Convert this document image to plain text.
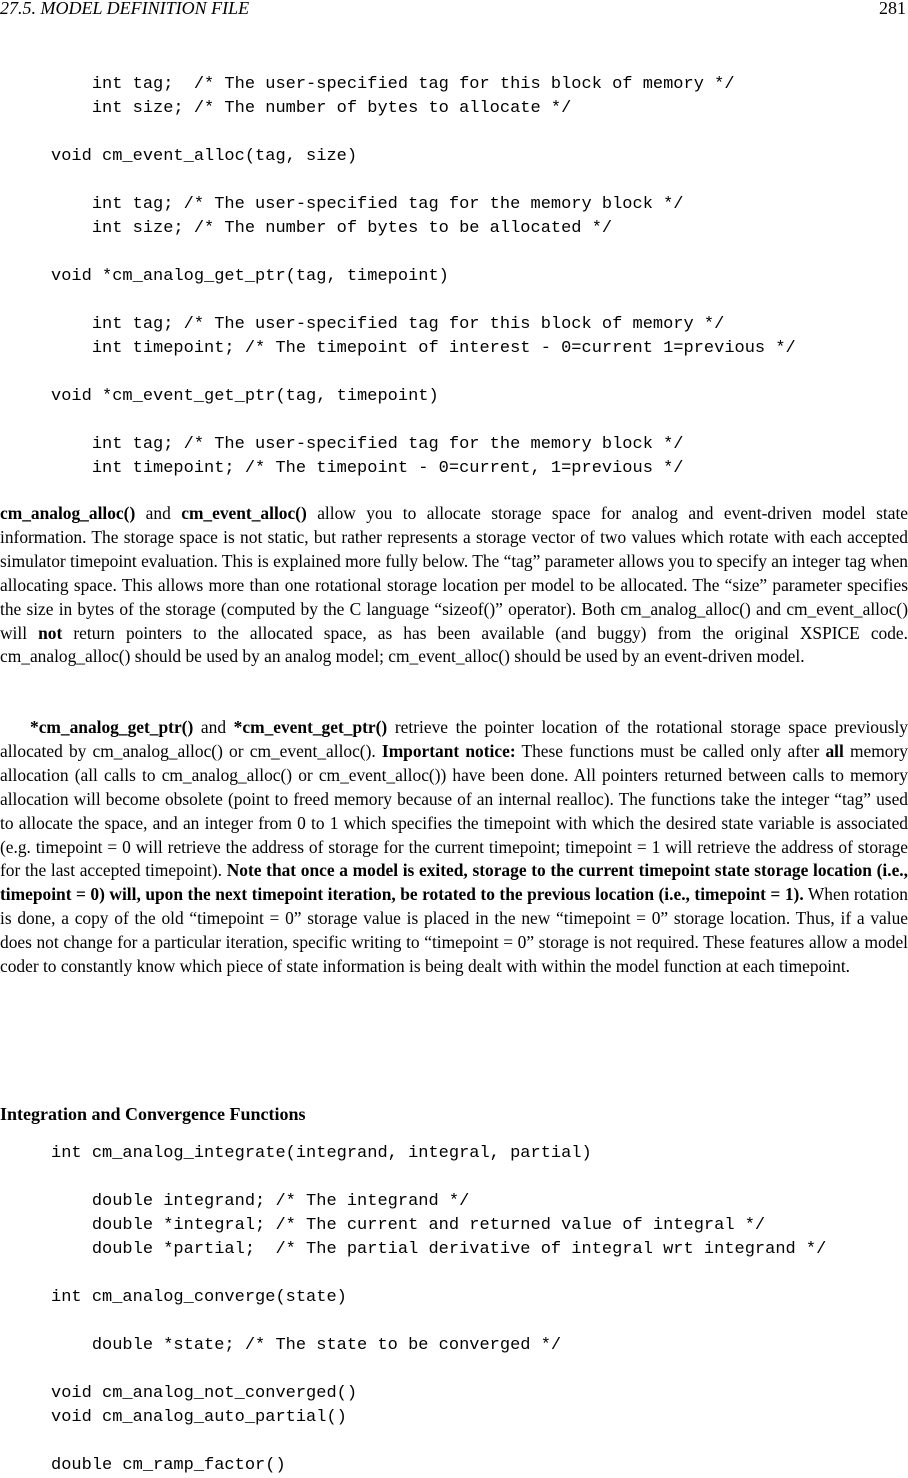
27.5. MODEL DEFINITION FILE	281
int tag;  /* The user-specified tag for this block of memory */
int size; /* The number of bytes to allocate */

void cm_event_alloc(tag, size)

int tag; /* The user-specified tag for the memory block */
int size; /* The number of bytes to be allocated */

void *cm_analog_get_ptr(tag, timepoint)

int tag; /* The user-specified tag for this block of memory */
int timepoint; /* The timepoint of interest - 0=current 1=previous */

void *cm_event_get_ptr(tag, timepoint)

int tag; /* The user-specified tag for the memory block */
int timepoint; /* The timepoint - 0=current, 1=previous */

cm_analog_alloc() and cm_event_alloc() allow you to allocate storage space for analog and event-driven model state information. The storage space is not static, but rather represents a storage vector of two values which rotate with each accepted simulator timepoint evaluation. This is explained more fully below. The “tag” parameter allows you to specify an integer tag when allocating space. This allows more than one rotational storage location per model to be allocated. The “size” parameter specifies the size in bytes of the storage (computed by the C language “sizeof()” operator). Both cm_analog_alloc() and cm_event_alloc() will not return pointers to the allocated space, as has been available (and buggy) from the original XSPICE code. cm_analog_alloc() should be used by an analog model; cm_event_alloc() should be used by an event-driven model.

*cm_analog_get_ptr() and *cm_event_get_ptr() retrieve the pointer location of the rotational storage space previously allocated by cm_analog_alloc() or cm_event_alloc(). Important notice: These functions must be called only after all memory allocation (all calls to cm_analog_alloc() or cm_event_alloc()) have been done. All pointers returned between calls to memory allocation will become obsolete (point to freed memory because of an internal realloc). The functions take the integer “tag” used to allocate the space, and an integer from 0 to 1 which specifies the timepoint with which the desired state variable is associated (e.g. timepoint = 0 will retrieve the address of storage for the current timepoint; timepoint = 1 will retrieve the address of storage for the last accepted timepoint). Note that once a model is exited, storage to the current timepoint state storage location (i.e., timepoint = 0) will, upon the next timepoint iteration, be rotated to the previous location (i.e., timepoint = 1). When rotation is done, a copy of the old “timepoint = 0” storage value is placed in the new “timepoint = 0” storage location. Thus, if a value does not change for a particular iteration, specific writing to “timepoint = 0” storage is not required. These features allow a model coder to constantly know which piece of state information is being dealt with within the model function at each timepoint.

Integration and Convergence Functions
int cm_analog_integrate(integrand, integral, partial)

double integrand; /* The integrand */
double *integral; /* The current and returned value of integral */
double *partial;  /* The partial derivative of integral wrt integrand */

int cm_analog_converge(state)

double *state; /* The state to be converged */

void cm_analog_not_converged()
void cm_analog_auto_partial()

double cm_ramp_factor()
